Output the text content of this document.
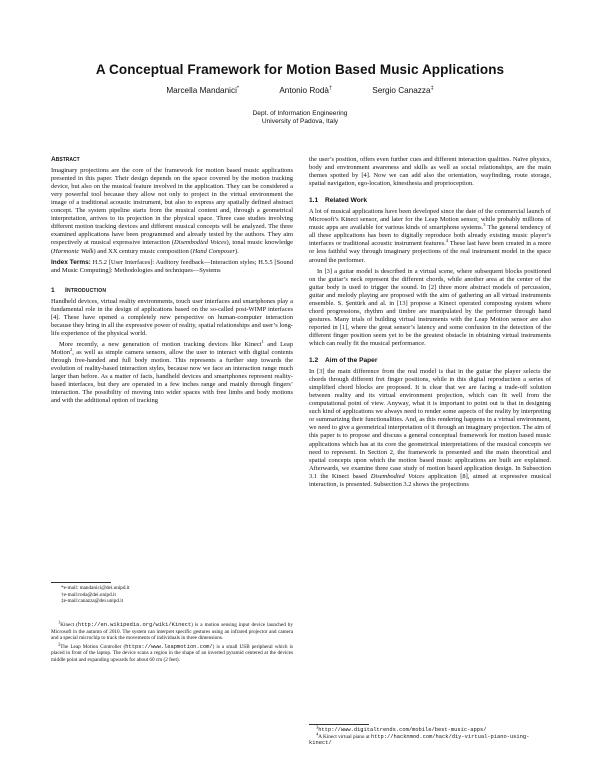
A Conceptual Framework for Motion Based Music Applications
Marcella Mandanici*	Antonio Rodà†	Sergio Canazza‡
Dept. of Information Engineering
University of Padova, Italy
Abstract

Imaginary projections are the core of the framework for motion based music applications presented in this paper. Their design depends on the space covered by the motion tracking device, but also on the musical feature involved in the application. They can be considered a very powerful tool because they allow not only to project in the virtual environment the image of a traditional acoustic instrument, but also to express any spatially defined abstract concept. The system pipeline starts from the musical content and, through a geometrical interpretation, arrives to its projection in the physical space. Three case studies involving different motion tracking devices and different musical concepts will be analyzed. The three examined applications have been programmed and already tested by the authors. They aim respectively at musical expressive interaction (Disembodied Voices), tonal music knowledge (Harmonic Walk) and XX century music composition (Hand Composer).

Index Terms: H.5.2 [User Interfaces]: Auditory feedback—Interaction styles; H.5.5 [Sound and Music Computing]: Methodologies and techniques—Systems

1 Introduction

Handheld devices, virtual reality environments, touch user interfaces and smartphones play a fundamental role in the design of applications based on the so-called post-WIMP interfaces [4]. These have opened a completely new perspective on human-computer interaction because they bring in all the expressive power of reality, spatial relationships and user’s long-life experience of the physical world.

More recently, a new generation of motion tracking devices like Kinect$^1$ and Leap Motion$^2$, as well as simple camera sensors, allow the user to interact with digital contents through free-handed and full body motion. This represents a further step towards the evolution of reality-based interaction styles, because now we face an interaction range much larger than before. As a matter of facts, handheld devices and smartphones represent reality-based interfaces, but they are operated in a few inches range and mainly through fingers’ interaction. The possibility of moving into wider spaces with free limbs and body motions and with the additional option of tracking

*e-mail: mandanici@dei.unipd.it
†e-mail:roda@dei.unipd.it
‡e-mail:canazza@dei.unipd.it

$^1$Kinect (http://en.wikipedia.org/wiki/Kinect) is a motion sensing input device launched by Microsoft in the autumn of 2010. The system can interpret specific gestures using an infrared projector and camera and a special microchip to track the movements of individuals in three dimensions.

$^2$The Leap Motion Controller (https://www.leapmotion.com/) is a small USB peripheral which is placed in front of the laptop. The device scans a region in the shape of an inverted pyramid centered at the devices middle point and expanding upwards for about 60 cm (2 feet).

the user’s position, offers even further cues and different interaction qualities. Naïve physics, body and environment awareness and skills as well as social relationships, are the main themes spotted by [4]. Now we can add also the orientation, wayfinding, route storage, spatial navigation, ego-location, kinesthesia and proprioception.

1.1 Related Work

A lot of musical applications have been developed since the date of the commercial launch of Microsoft’s Kinect sensor, and later for the Leap Motion sensor, while probably millions of music apps are available for various kinds of smartphone systems.$^3$ The general tendency of all these applications has been to digitally reproduce both already existing music player’s interfaces or traditional acoustic instrument features.$^4$ These last have been created in a more or less faithful way through imaginary projections of the real instrument model in the space around the performer.

In [3] a guitar model is described in a virtual scene, where subsequent blocks positioned on the guitar’s neck represent the different chords, while another area at the center of the guitar body is used to trigger the sound. In [2] three more abstract models of percussion, guitar and melody playing are proposed with the aim of gathering an all virtual instruments ensemble. S. Şentürk and al. in [13] propose a Kinect operated composing system where chord progressions, rhythm and timbre are manipulated by the performer through hand gestures. Many trials of building virtual instruments with the Leap Motion sensor are also reported in [1], where the great sensor’s latency and some confusion in the detection of the different finger position seem yet to be the greatest obstacle in obtaining virtual instruments which can really fit the musical performance.

1.2 Aim of the Paper

In [3] the main difference from the real model is that in the guitar the player selects the chords through different fret finger positions, while in this digital reproduction a series of simplified chord blocks are proposed. It is clear that we are facing a trade-off solution between reality and its virtual environment projection, which can fit well from the computational point of view. Anyway, what it is important to point out is that in designing such kind of applications we always need to render some aspects of the reality by interpreting or summarizing their functionalities. And, as this rendering happens in a virtual environment, we need to give a geometrical interpretation of it through an imaginary projection. The aim of this paper is to propose and discuss a general conceptual framework for motion based music applications which has at its core the geometrical interpretations of the musical concepts we need to represent. In Section 2, the framework is presented and the main theoretical and spatial concepts upon which the motion based music applications are built are explained. Afterwards, we examine three case study of motion based application design. In Subsection 3.1 the Kinect based Disembodied Voices application [8], aimed at expressive musical interaction, is presented. Subsection 3.2 shows the projections

$^3$http://www.digitaltrends.com/mobile/best-music-apps/

$^4$A Kinect virtual piano at http://hacknmod.com/hack/diy-virtual-piano-using-kinect/
